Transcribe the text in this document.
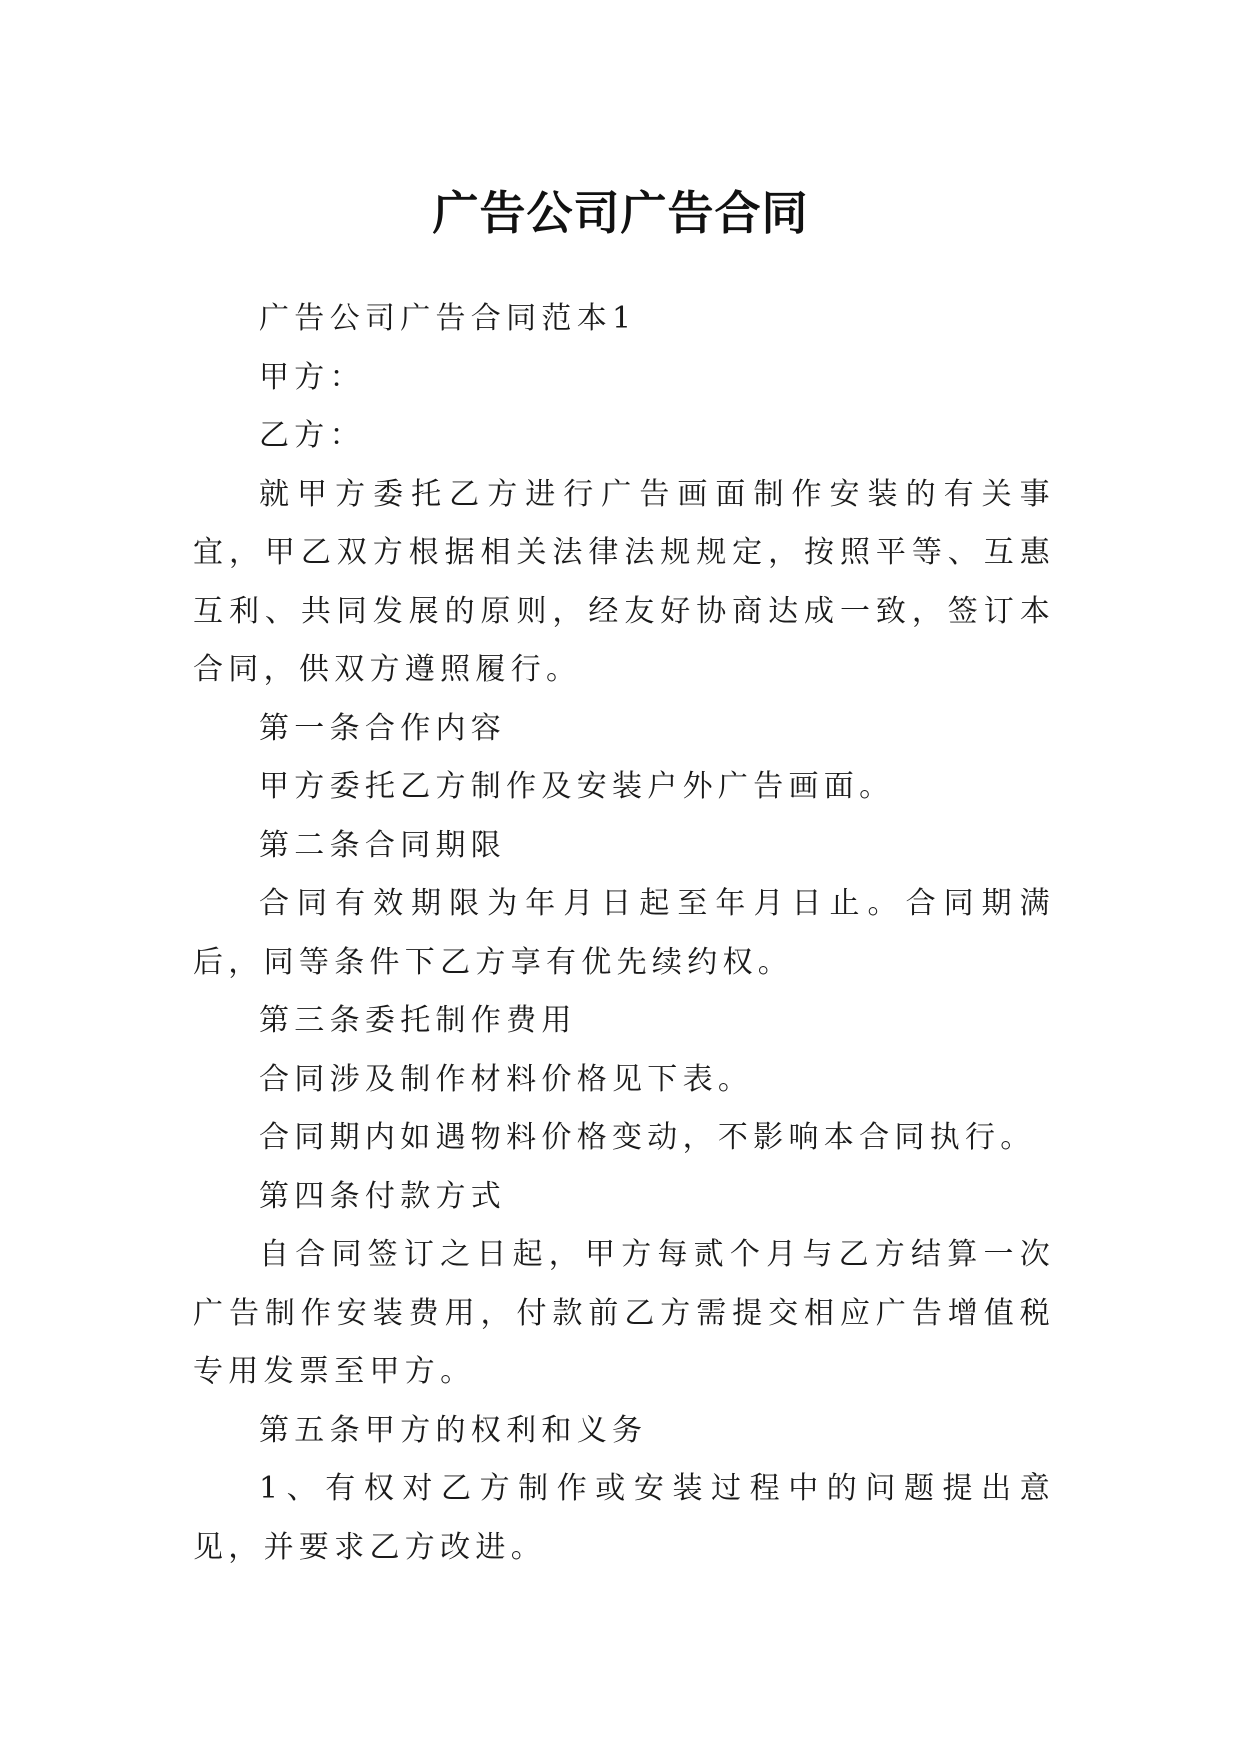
广告公司广告合同

广告公司广告合同范本1

甲方：

乙方：

就甲方委托乙方进行广告画面制作安装的有关事宜，甲乙双方根据相关法律法规规定，按照平等、互惠互利、共同发展的原则，经友好协商达成一致，签订本合同，供双方遵照履行。

第一条合作内容

甲方委托乙方制作及安装户外广告画面。

第二条合同期限

合同有效期限为年月日起至年月日止。合同期满后，同等条件下乙方享有优先续约权。

第三条委托制作费用

合同涉及制作材料价格见下表。

合同期内如遇物料价格变动，不影响本合同执行。

第四条付款方式

自合同签订之日起，甲方每贰个月与乙方结算一次广告制作安装费用，付款前乙方需提交相应广告增值税专用发票至甲方。

第五条甲方的权利和义务

1、有权对乙方制作或安装过程中的问题提出意见，并要求乙方改进。
